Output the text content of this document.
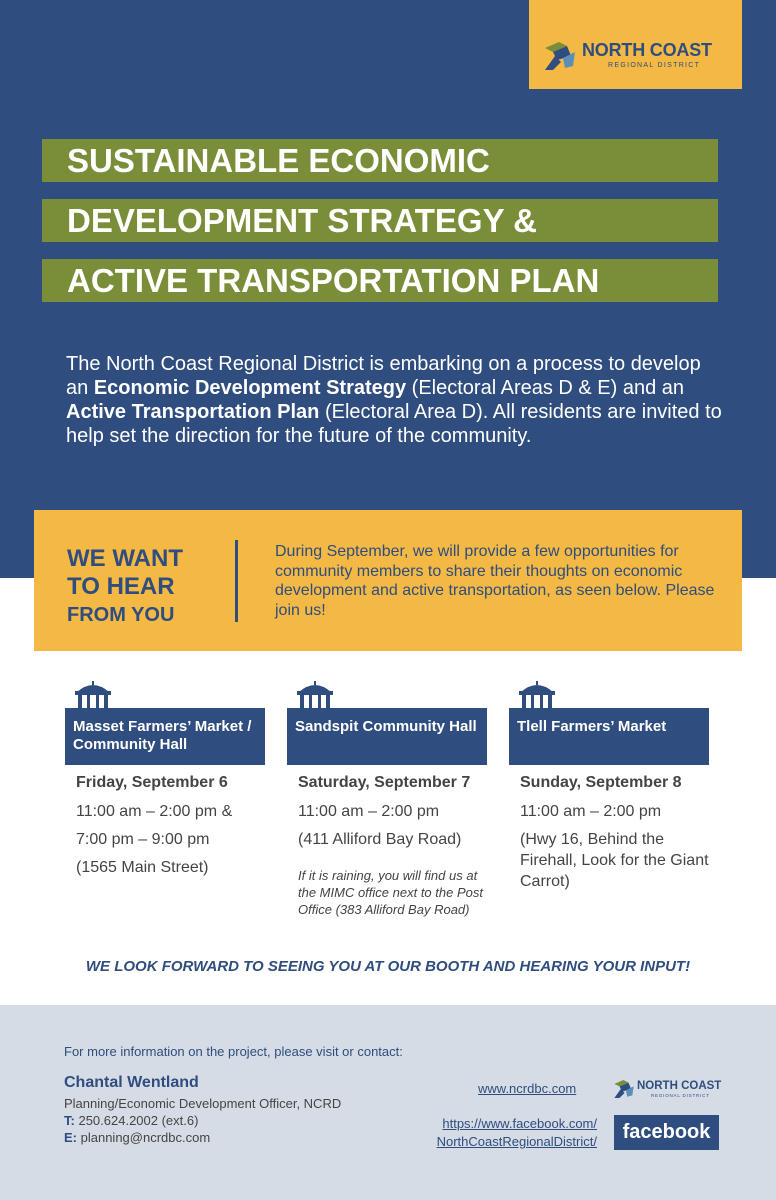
NORTH COAST
REGIONAL DISTRICT
SUSTAINABLE ECONOMIC
DEVELOPMENT STRATEGY &
ACTIVE TRANSPORTATION PLAN

The North Coast Regional District is embarking on a process to develop an Economic Development Strategy (Electoral Areas D & E) and an Active Transportation Plan (Electoral Area D). All residents are invited to help set the direction for the future of the community.

WE WANT
TO HEAR
FROM YOU

During September, we will provide a few opportunities for community members to share their thoughts on economic development and active transportation, as seen below. Please join us!

Masset Farmers’ Market / Community Hall
Friday, September 6
11:00 am – 2:00 pm &
7:00 pm – 9:00 pm
(1565 Main Street)
Sandspit Community Hall
Saturday, September 7
11:00 am – 2:00 pm
(411 Alliford Bay Road)
If it is raining, you will find us at the MIMC office next to the Post Office (383 Alliford Bay Road)
Tlell Farmers’ Market
Sunday, September 8
11:00 am – 2:00 pm
(Hwy 16, Behind the Firehall, Look for the Giant Carrot)
WE LOOK FORWARD TO SEEING YOU AT OUR BOOTH AND HEARING YOUR INPUT!
For more information on the project, please visit or contact:
Chantal Wentland
Planning/Economic Development Officer, NCRD
T: 250.624.2002 (ext.6)
E: planning@ncrdbc.com
www.ncrdbc.com
https://www.facebook.com/
NorthCoastRegionalDistrict/
NORTH COAST
REGIONAL DISTRICT
facebook
